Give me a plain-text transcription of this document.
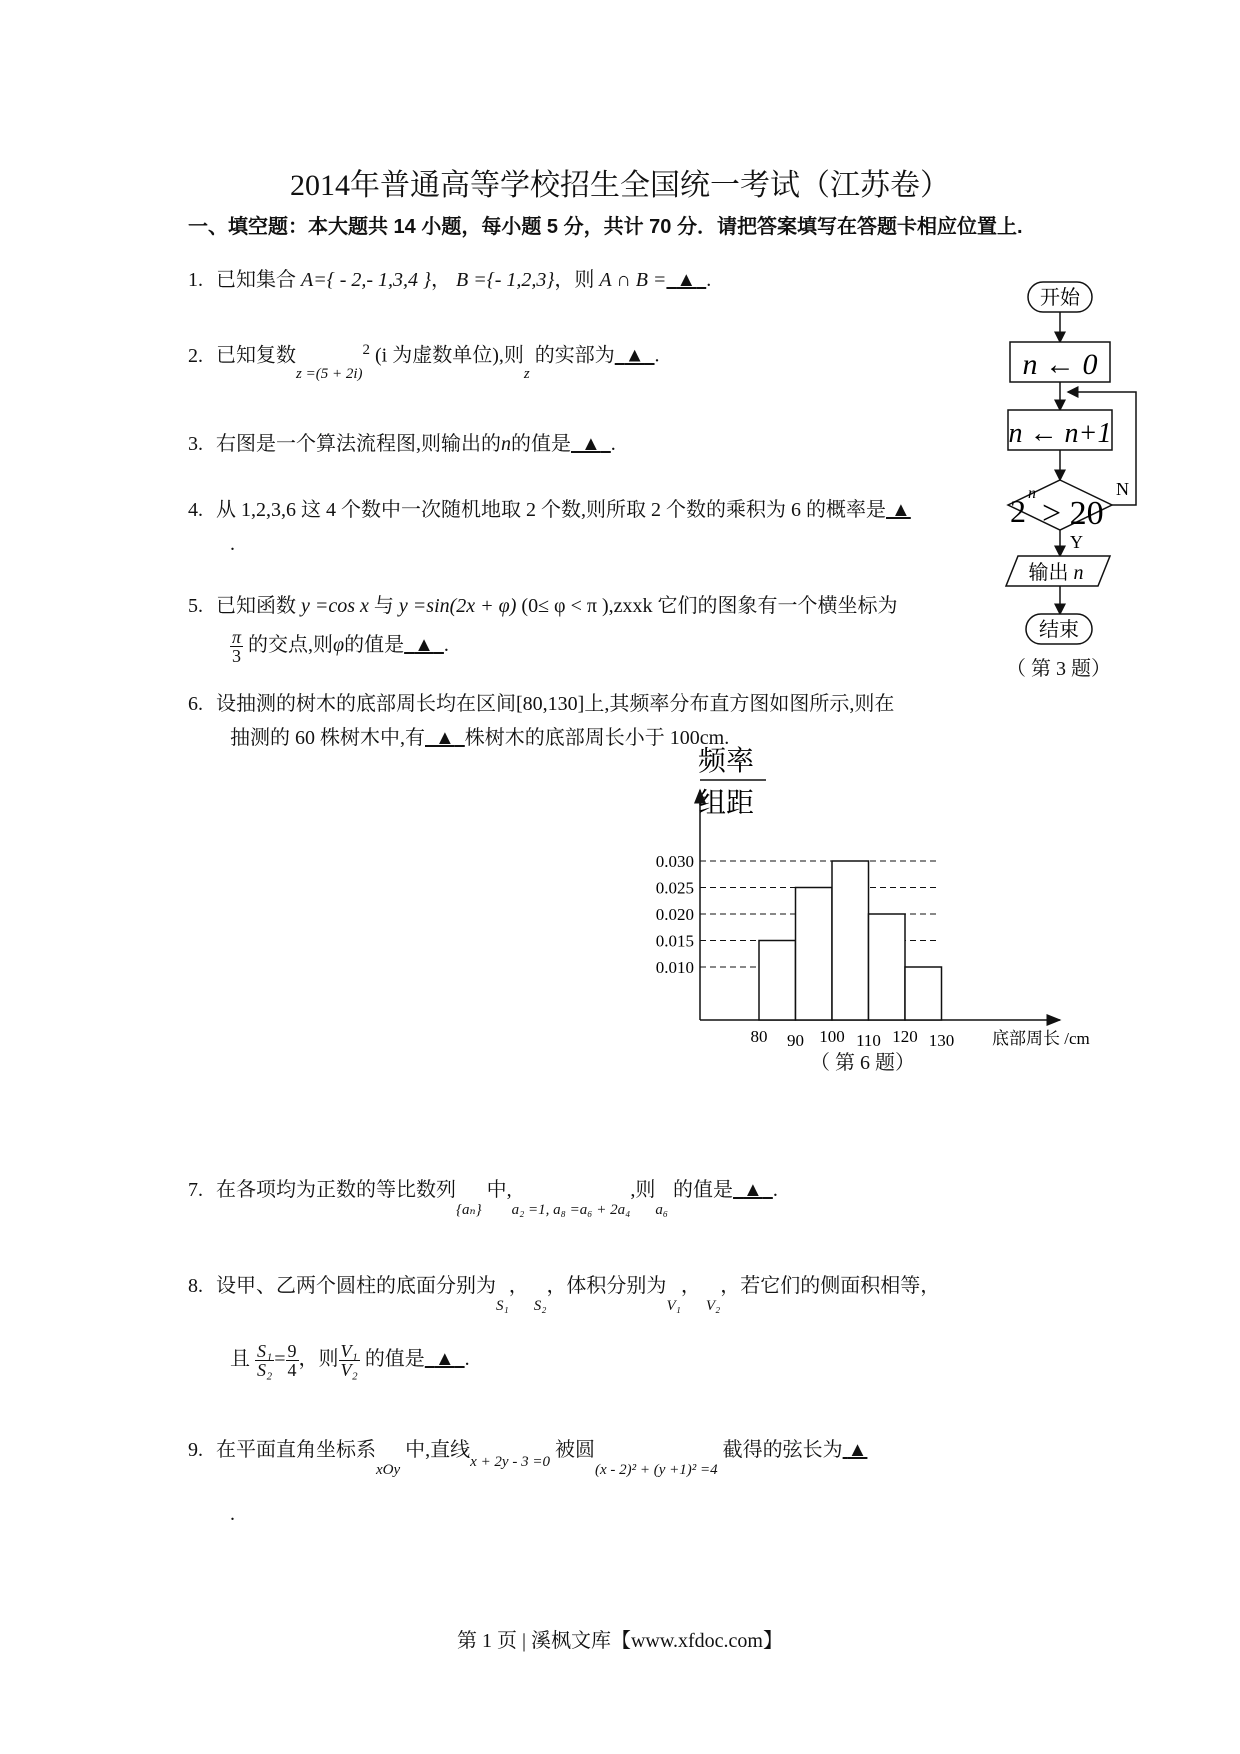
2014年普通高等学校招生全国统一考试（江苏卷）
一、填空题：本大题共 14 小题，每小题 5 分，共计 70 分．请把答案填写在答题卡相应位置上.
1. 已知集合 A={ - 2,- 1,3,4 }， B ={- 1,2,3}，则 A ∩ B = ▲ .
2. 已知复数$_{z =(5 + 2i)}^2$ (i 为虚数单位),则$_z$ 的实部为 ▲ .
3. 右图是一个算法流程图,则输出的n的值是 ▲ .
4. 从 1,2,3,6 这 4 个数中一次随机地取 2 个数,则所取 2 个数的乘积为 6 的概率是 ▲
.
5. 已知函数 y =cos x 与 y =sin(2x + φ) (0≤ φ < π ),zxxk 它们的图象有一个横坐标为
$\frac{\pi}{3}$ 的交点,则φ的值是 ▲ .
6. 设抽测的树木的底部周长均在区间[80,130]上,其频率分布直方图如图所示,则在
抽测的 60 株树木中,有 ▲ 株树木的底部周长小于 100cm.
7. 在各项均为正数的等比数列$_{\{a_n\}}$ 中$,_{a_2 =1, a_8 =a_6 + 2a_4}$,则$_{a_6}$ 的值是 ▲ .
8. 设甲、乙两个圆柱的底面分别为$_{S_1}$， $_{S_2}$，体积分别为$_{V_1}$， $_{V_2}$，若它们的侧面积相等，
且 $\frac{\text{S₁}}{\text{S₂}} = \frac{9}{4}$ ，则 $\frac{\text{V₁}}{\text{V₂}}$ 的值是 ▲ .
9. 在平面直角坐标系$_{xOy}$ 中,直线$_{x + 2y - 3 =0}$ 被圆$_{(x - 2)^2 + (y +1)^2 =4}$ 截得的弦长为 ▲
.
开始
n ← 0
n ← n+1
2 n
> 20
N
Y
输出 n
结束
（ 第 3 题）
频率
组距
0.010
0.015
0.020
0.025
0.030
80 90 100 110 120 130 底部周长 /cm
（ 第 6 题）
第 1 页 | 溪枫文库【www.xfdoc.com】
